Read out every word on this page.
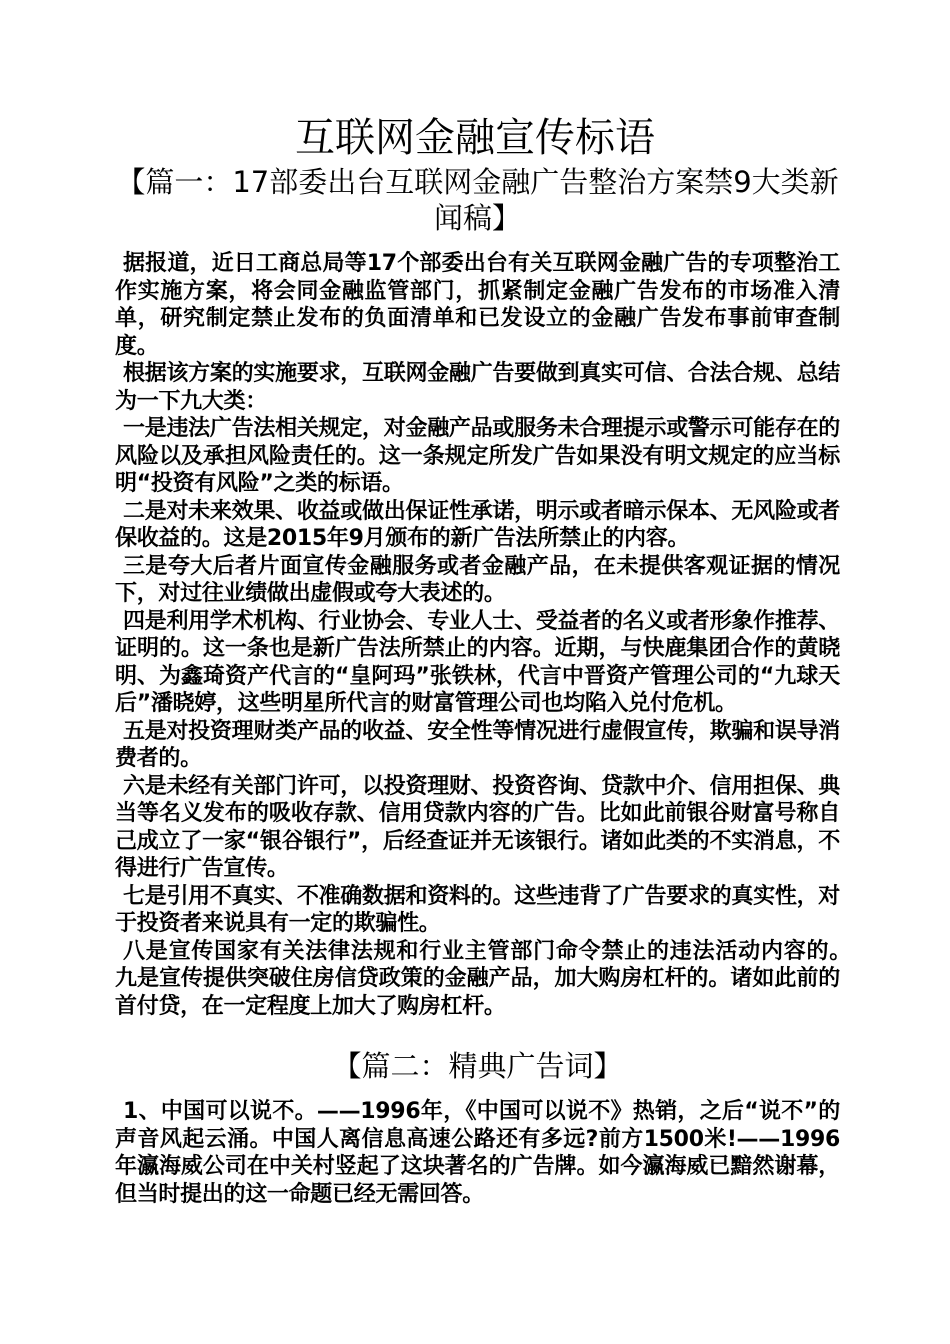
互联网金融宣传标语
【篇一：17部委出台互联网金融广告整治方案禁9大类新闻稿】

据报道，近日工商总局等17个部委出台有关互联网金融广告的专项整治工作实施方案，将会同金融监管部门，抓紧制定金融广告发布的市场准入清单，研究制定禁止发布的负面清单和已发设立的金融广告发布事前审查制度。

根据该方案的实施要求，互联网金融广告要做到真实可信、合法合规、总结为一下九大类：

一是违法广告法相关规定，对金融产品或服务未合理提示或警示可能存在的风险以及承担风险责任的。这一条规定所发广告如果没有明文规定的应当标明“投资有风险”之类的标语。

二是对未来效果、收益或做出保证性承诺，明示或者暗示保本、无风险或者保收益的。这是2015年9月颁布的新广告法所禁止的内容。

三是夸大后者片面宣传金融服务或者金融产品，在未提供客观证据的情况下，对过往业绩做出虚假或夸大表述的。

四是利用学术机构、行业协会、专业人士、受益者的名义或者形象作推荐、证明的。这一条也是新广告法所禁止的内容。近期，与快鹿集团合作的黄晓明、为鑫琦资产代言的“皇阿玛”张铁林，代言中晋资产管理公司的“九球天后”潘晓婷，这些明星所代言的财富管理公司也均陷入兑付危机。

五是对投资理财类产品的收益、安全性等情况进行虚假宣传，欺骗和误导消费者的。

六是未经有关部门许可，以投资理财、投资咨询、贷款中介、信用担保、典当等名义发布的吸收存款、信用贷款内容的广告。比如此前银谷财富号称自己成立了一家“银谷银行”，后经查证并无该银行。诸如此类的不实消息，不得进行广告宣传。

七是引用不真实、不准确数据和资料的。这些违背了广告要求的真实性，对于投资者来说具有一定的欺骗性。

八是宣传国家有关法律法规和行业主管部门命令禁止的违法活动内容的。　九是宣传提供突破住房信贷政策的金融产品，加大购房杠杆的。诸如此前的首付贷，在一定程度上加大了购房杠杆。

【篇二：精典广告词】

1、中国可以说不。——1996年，《中国可以说不》热销，之后“说不”的声音风起云涌。中国人离信息高速公路还有多远?前方1500米!——1996年瀛海威公司在中关村竖起了这块著名的广告牌。如今瀛海威已黯然谢幕，但当时提出的这一命题已经无需回答。
